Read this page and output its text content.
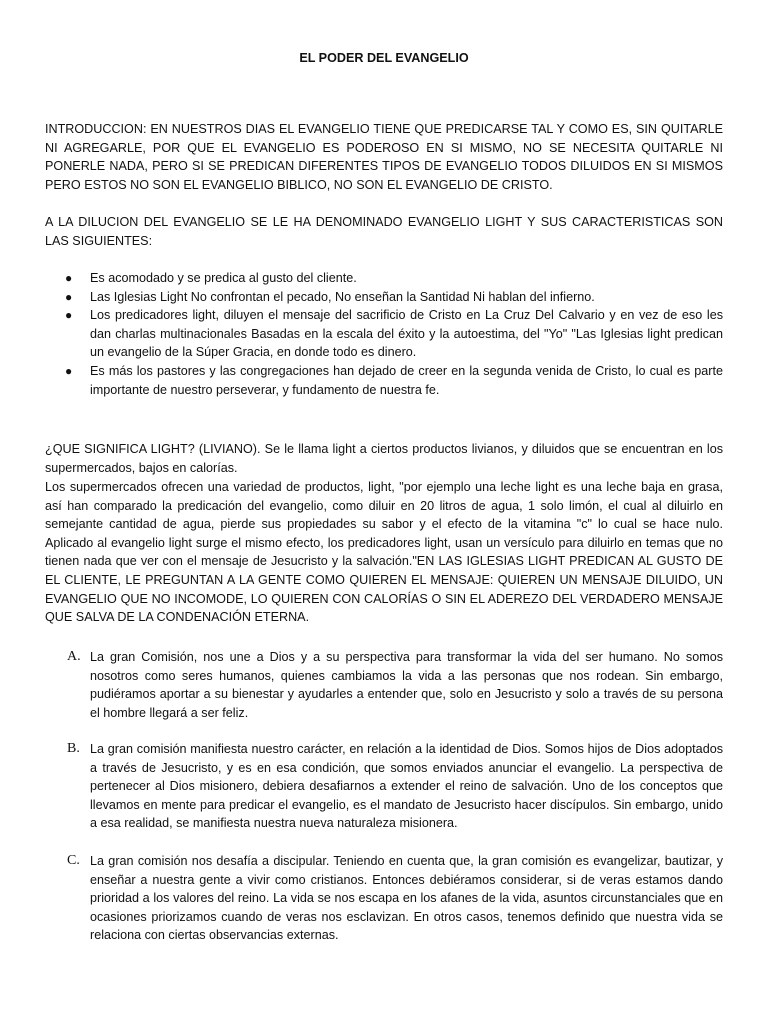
EL PODER DEL EVANGELIO

INTRODUCCION: EN NUESTROS DIAS EL EVANGELIO TIENE QUE PREDICARSE TAL Y COMO ES, SIN QUITARLE NI AGREGARLE, POR QUE EL EVANGELIO ES PODEROSO EN SI MISMO, NO SE NECESITA QUITARLE NI PONERLE NADA, PERO SI SE PREDICAN DIFERENTES TIPOS DE EVANGELIO TODOS DILUIDOS EN SI MISMOS PERO ESTOS NO SON EL EVANGELIO BIBLICO, NO SON EL EVANGELIO DE CRISTO.

A LA DILUCION DEL EVANGELIO SE LE HA DENOMINADO EVANGELIO LIGHT Y SUS CARACTERISTICAS SON LAS SIGUIENTES:

● Es acomodado y se predica al gusto del cliente.
● Las Iglesias Light No confrontan el pecado, No enseñan la Santidad Ni hablan del infierno.
● Los predicadores light, diluyen el mensaje del sacrificio de Cristo en La Cruz Del Calvario y en vez de eso les dan charlas multinacionales Basadas en la escala del éxito y la autoestima, del "Yo" "Las Iglesias light predican un evangelio de la Súper Gracia, en donde todo es dinero.
● Es más los pastores y las congregaciones han dejado de creer en la segunda venida de Cristo, lo cual es parte importante de nuestro perseverar, y fundamento de nuestra fe.

¿QUE SIGNIFICA LIGHT? (LIVIANO). Se le llama light a ciertos productos livianos, y diluidos que se encuentran en los supermercados, bajos en calorías.

Los supermercados ofrecen una variedad de productos, light, "por ejemplo una leche light es una leche baja en grasa, así han comparado la predicación del evangelio, como diluir en 20 litros de agua, 1 solo limón, el cual al diluirlo en semejante cantidad de agua, pierde sus propiedades su sabor y el efecto de la vitamina "c" lo cual se hace nulo. Aplicado al evangelio light surge el mismo efecto, los predicadores light, usan un versículo para diluirlo en temas que no tienen nada que ver con el mensaje de Jesucristo y la salvación."EN LAS IGLESIAS LIGHT PREDICAN AL GUSTO DE EL CLIENTE, LE PREGUNTAN A LA GENTE COMO QUIEREN EL MENSAJE: QUIEREN UN MENSAJE DILUIDO, UN EVANGELIO QUE NO INCOMODE, LO QUIEREN CON CALORÍAS O SIN EL ADEREZO DEL VERDADERO MENSAJE QUE SALVA DE LA CONDENACIÓN ETERNA.

A. La gran Comisión, nos une a Dios y a su perspectiva para transformar la vida del ser humano. No somos nosotros como seres humanos, quienes cambiamos la vida a las personas que nos rodean. Sin embargo, pudiéramos aportar a su bienestar y ayudarles a entender que, solo en Jesucristo y solo a través de su persona el hombre llegará a ser feliz.
B. La gran comisión manifiesta nuestro carácter, en relación a la identidad de Dios. Somos hijos de Dios adoptados a través de Jesucristo, y es en esa condición, que somos enviados anunciar el evangelio. La perspectiva de pertenecer al Dios misionero, debiera desafiarnos a extender el reino de salvación. Uno de los conceptos que llevamos en mente para predicar el evangelio, es el mandato de Jesucristo hacer discípulos. Sin embargo, unido a esa realidad, se manifiesta nuestra nueva naturaleza misionera.
C. La gran comisión nos desafía a discipular. Teniendo en cuenta que, la gran comisión es evangelizar, bautizar, y enseñar a nuestra gente a vivir como cristianos. Entonces debiéramos considerar, si de veras estamos dando prioridad a los valores del reino. La vida se nos escapa en los afanes de la vida, asuntos circunstanciales que en ocasiones priorizamos cuando de veras nos esclavizan. En otros casos, tenemos definido que nuestra vida se relaciona con ciertas observancias externas.
